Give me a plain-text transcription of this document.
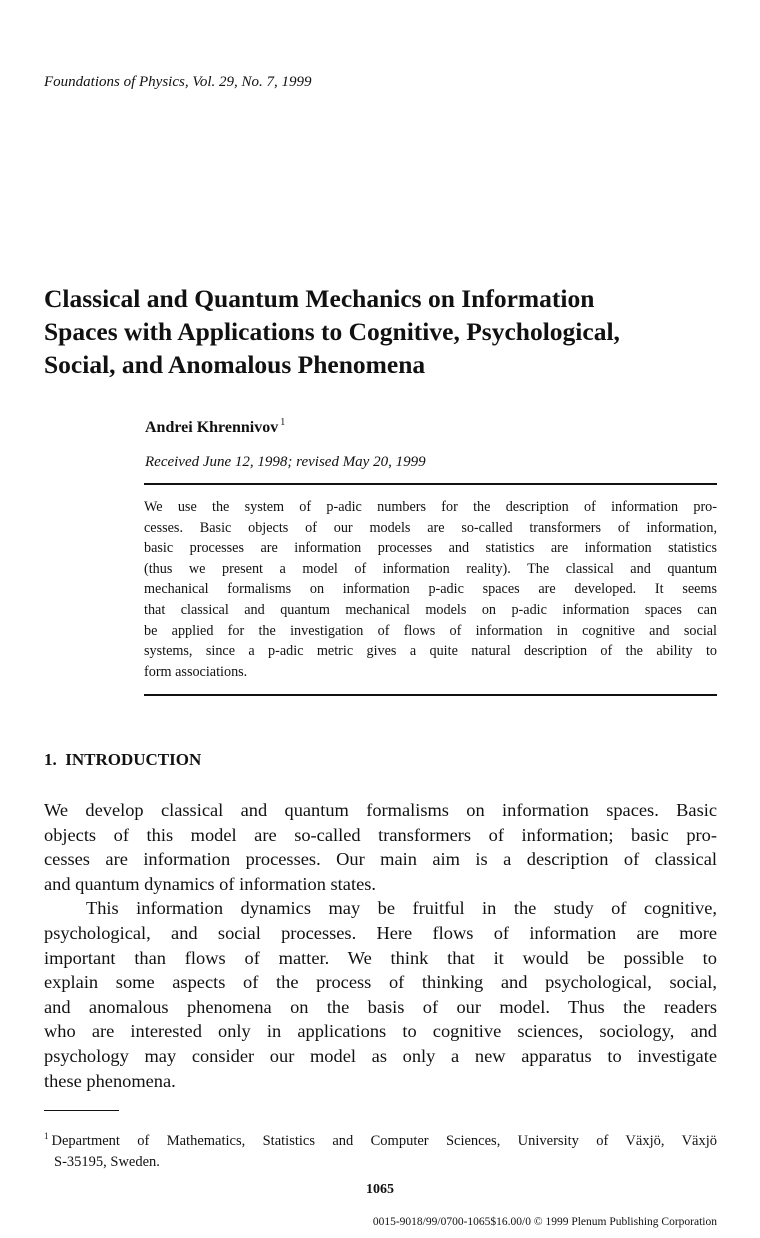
Foundations of Physics, Vol. 29, No. 7, 1999
Classical and Quantum Mechanics on Information
Spaces with Applications to Cognitive, Psychological,
Social, and Anomalous Phenomena
Andrei Khrennivov $^1$
Received June 12, 1998; revised May 20, 1999
We use the system of p-adic numbers for the description of information pro-
cesses. Basic objects of our models are so-called transformers of information,
basic processes are information processes and statistics are information statistics
(thus we present a model of information reality). The classical and quantum
mechanical formalisms on information p-adic spaces are developed. It seems
that classical and quantum mechanical models on p-adic information spaces can
be applied for the investigation of flows of information in cognitive and social
systems, since a p-adic metric gives a quite natural description of the ability to
form associations.
1. INTRODUCTION
We develop classical and quantum formalisms on information spaces. Basic
objects of this model are so-called transformers of information; basic pro-
cesses are information processes. Our main aim is a description of classical
and quantum dynamics of information states.
This information dynamics may be fruitful in the study of cognitive,
psychological, and social processes. Here flows of information are more
important than flows of matter. We think that it would be possible to
explain some aspects of the process of thinking and psychological, social,
and anomalous phenomena on the basis of our model. Thus the readers
who are interested only in applications to cognitive sciences, sociology, and
psychology may consider our model as only a new apparatus to investigate
these phenomena.
$^1$ Department of Mathematics, Statistics and Computer Sciences, University of Växjö, Växjö
S-35195, Sweden.
1065
0015-9018/99/0700-1065$16.00/0 © 1999 Plenum Publishing Corporation
